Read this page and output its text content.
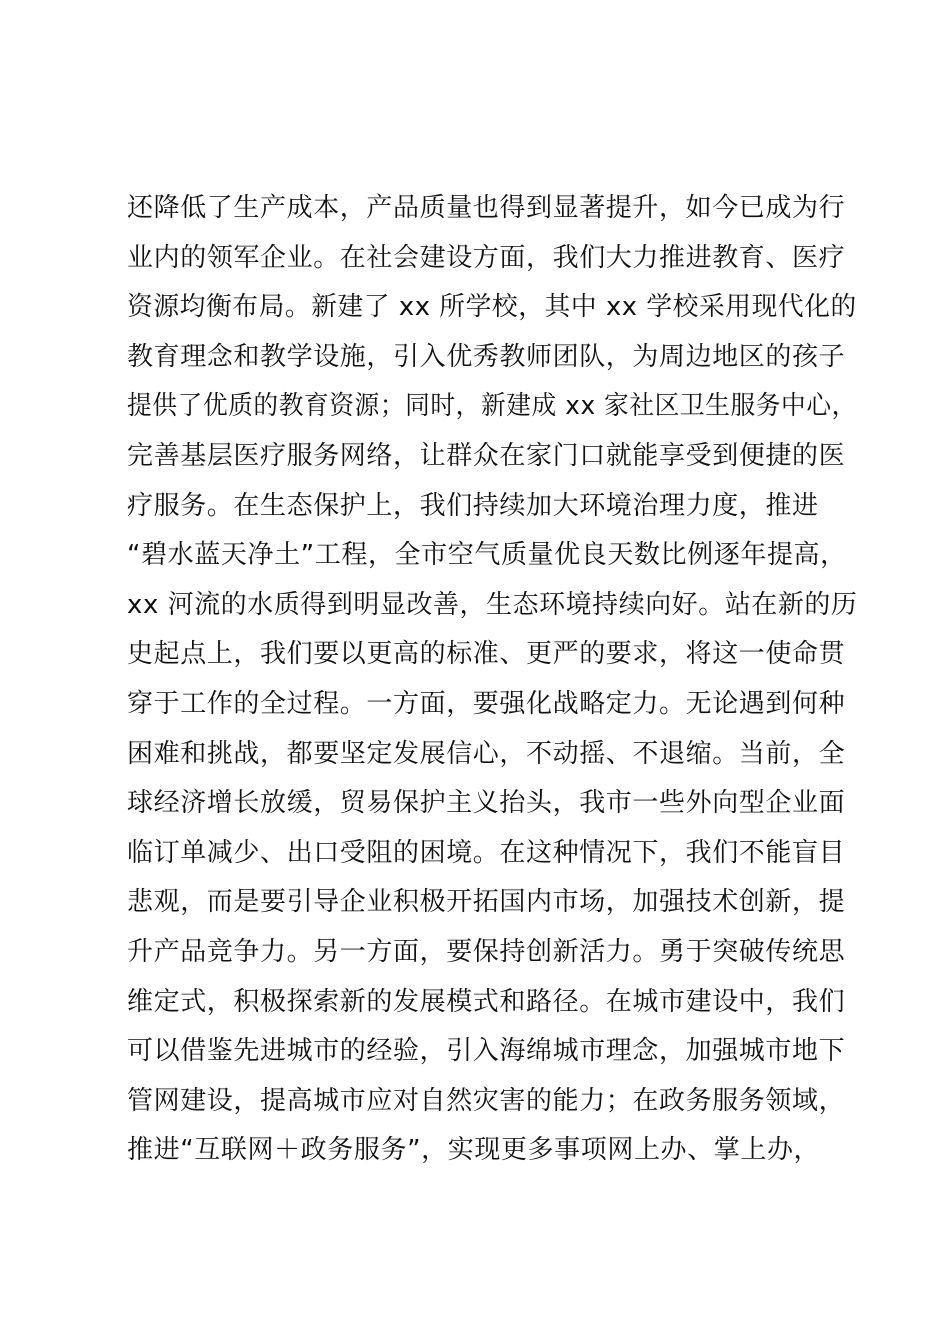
还降低了生产成本，产品质量也得到显著提升，如今已成为行
业内的领军企业。在社会建设方面，我们大力推进教育、医疗
资源均衡布局。新建了 xx 所学校，其中 xx 学校采用现代化的
教育理念和教学设施，引入优秀教师团队，为周边地区的孩子
提供了优质的教育资源；同时，新建成 xx 家社区卫生服务中心，
完善基层医疗服务网络，让群众在家门口就能享受到便捷的医
疗服务。在生态保护上，我们持续加大环境治理力度，推进
“碧水蓝天净土”工程，全市空气质量优良天数比例逐年提高，
xx 河流的水质得到明显改善，生态环境持续向好。站在新的历
史起点上，我们要以更高的标准、更严的要求，将这一使命贯
穿于工作的全过程。一方面，要强化战略定力。无论遇到何种
困难和挑战，都要坚定发展信心，不动摇、不退缩。当前，全
球经济增长放缓，贸易保护主义抬头，我市一些外向型企业面
临订单减少、出口受阻的困境。在这种情况下，我们不能盲目
悲观，而是要引导企业积极开拓国内市场，加强技术创新，提
升产品竞争力。另一方面，要保持创新活力。勇于突破传统思
维定式，积极探索新的发展模式和路径。在城市建设中，我们
可以借鉴先进城市的经验，引入海绵城市理念，加强城市地下
管网建设，提高城市应对自然灾害的能力；在政务服务领域，
推进“互联网＋政务服务”，实现更多事项网上办、掌上办，
